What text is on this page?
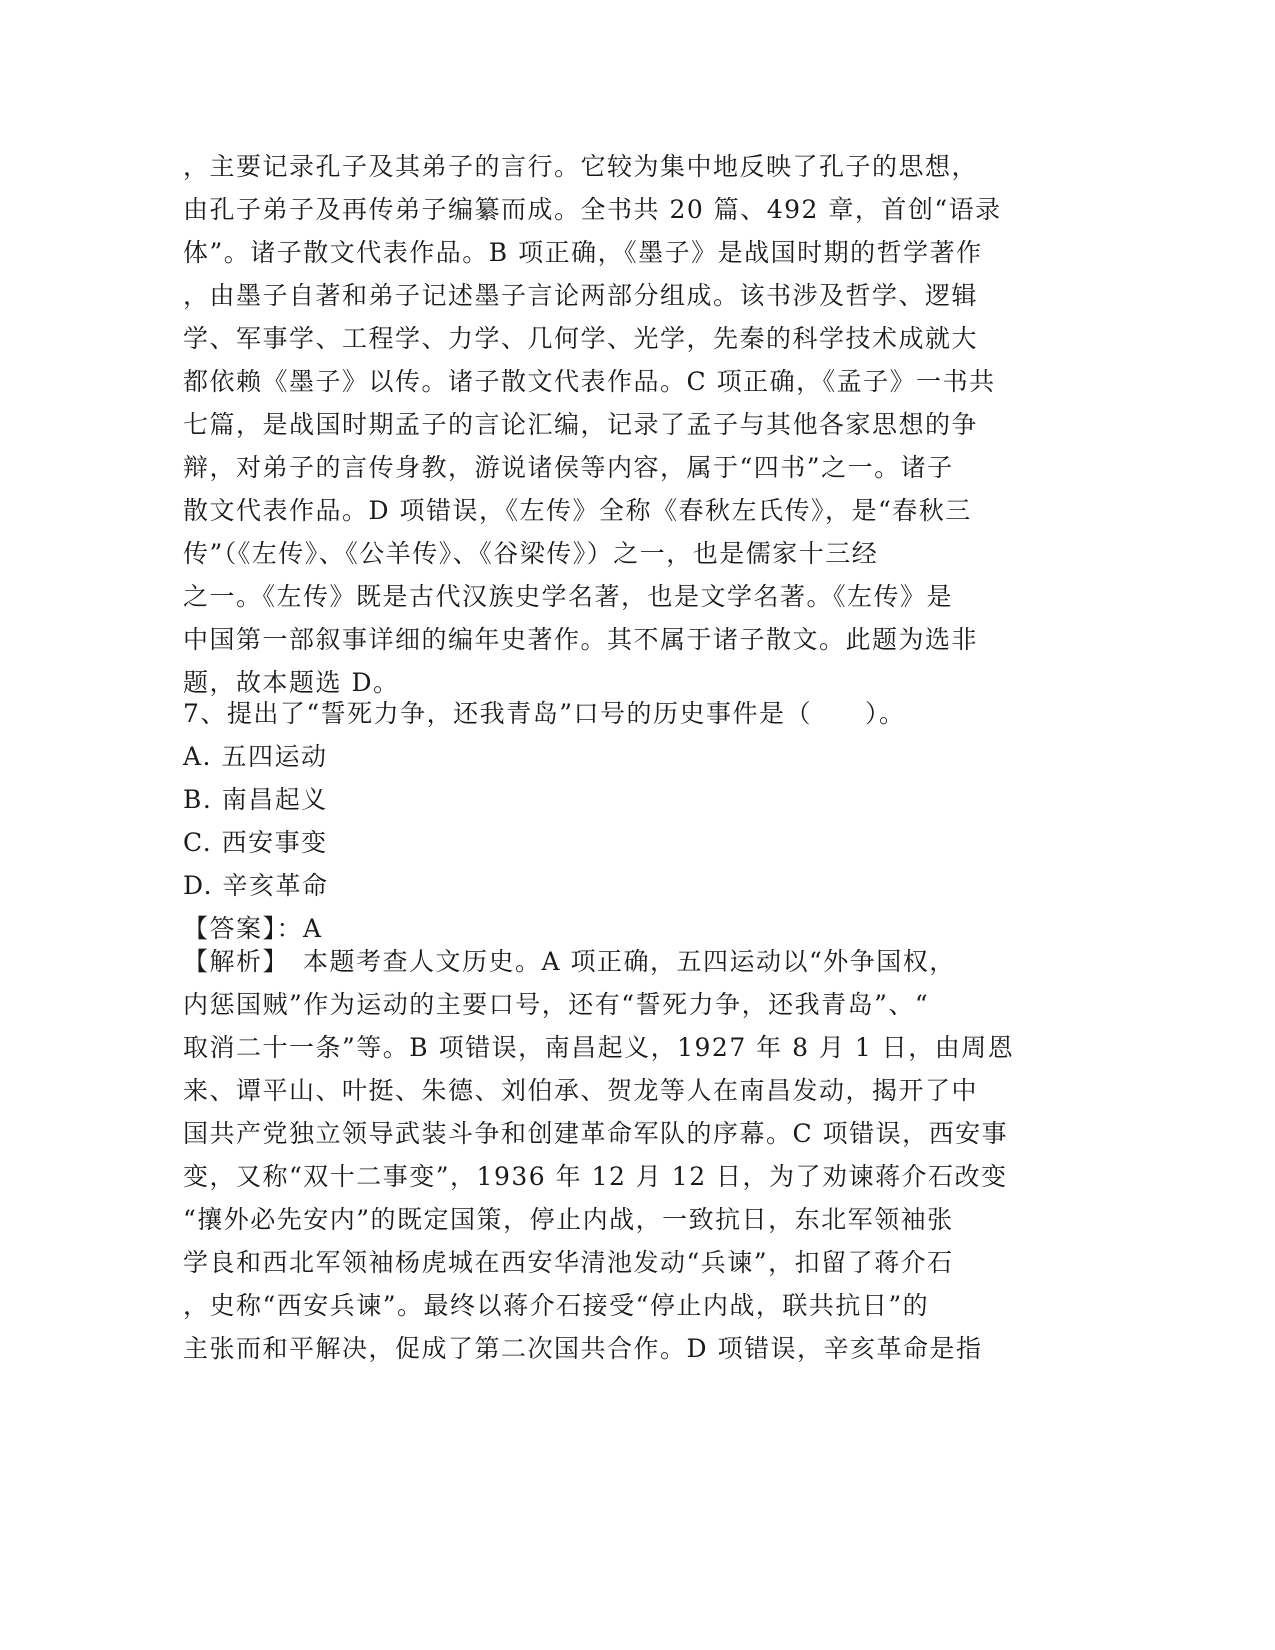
，主要记录孔子及其弟子的言行。它较为集中地反映了孔子的思想，
由孔子弟子及再传弟子编纂而成。全书共 20 篇、492 章，首创“语录
体”。诸子散文代表作品。B 项正确，《墨子》是战国时期的哲学著作
，由墨子自著和弟子记述墨子言论两部分组成。该书涉及哲学、逻辑
学、军事学、工程学、力学、几何学、光学，先秦的科学技术成就大
都依赖《墨子》以传。诸子散文代表作品。C 项正确，《孟子》一书共
七篇，是战国时期孟子的言论汇编，记录了孟子与其他各家思想的争
辩，对弟子的言传身教，游说诸侯等内容，属于“四书”之一。诸子
散文代表作品。D 项错误，《左传》全称《春秋左氏传》，是“春秋三
传”（《左传》、《公羊传》、《谷梁传》）之一，也是儒家十三经
之一。《左传》既是古代汉族史学名著，也是文学名著。《左传》是
中国第一部叙事详细的编年史著作。其不属于诸子散文。此题为选非
题，故本题选 D。
7、提出了“誓死力争，还我青岛”口号的历史事件是（　　）。
A. 五四运动
B. 南昌起义
C. 西安事变
D. 辛亥革命
【答案】：A
【解析】　本题考查人文历史。A 项正确，五四运动以“外争国权，
内惩国贼”作为运动的主要口号，还有“誓死力争，还我青岛”、“
取消二十一条”等。B 项错误，南昌起义，1927 年 8 月 1 日，由周恩
来、谭平山、叶挺、朱德、刘伯承、贺龙等人在南昌发动，揭开了中
国共产党独立领导武装斗争和创建革命军队的序幕。C 项错误，西安事
变，又称“双十二事变”，1936 年 12 月 12 日，为了劝谏蒋介石改变
“攘外必先安内”的既定国策，停止内战，一致抗日，东北军领袖张
学良和西北军领袖杨虎城在西安华清池发动“兵谏”，扣留了蒋介石
，史称“西安兵谏”。最终以蒋介石接受“停止内战，联共抗日”的
主张而和平解决，促成了第二次国共合作。D 项错误，辛亥革命是指
